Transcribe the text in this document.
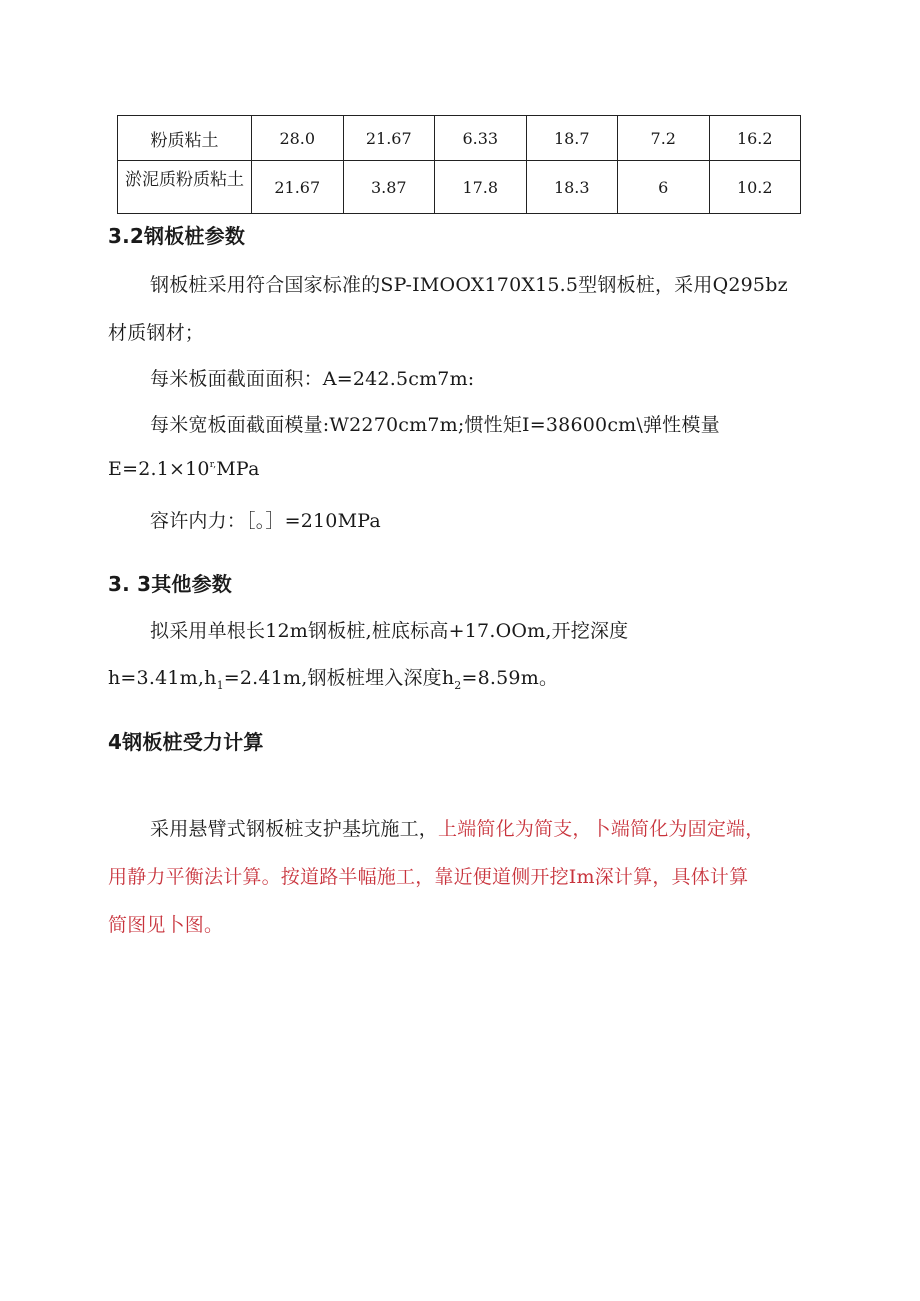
粉质粘土	28.0	21.67	6.33	18.7	7.2	16.2
淤泥质粉质粘土	21.67	3.87	17.8	18.3	6	10.2
3.2钢板桩参数
钢板桩采用符合国家标准的SP-IMOOX170X15.5型钢板桩，采用Q295bz
材质钢材；
每米板面截面面积：A=242.5cm7m:
每米宽板面截面模量:W2270cm7m;惯性矩I=38600cm\弹性模量
$E=2.1\times 10^{r,}MPa$
容许内力：［。］=210MPa
3. 3其他参数
拟采用单根长12m钢板桩,桩底标高+17.OOm,开挖深度
$h=3.41m,h_1=2.41m$,钢板桩埋入深度$h_2=8.59m$。
4钢板桩受力计算
采用悬臂式钢板桩支护基坑施工，上端简化为简支，卜端简化为固定端，
用静力平衡法计算。按道路半幅施工，靠近便道侧开挖Im深计算，具体计算
简图见卜图。
